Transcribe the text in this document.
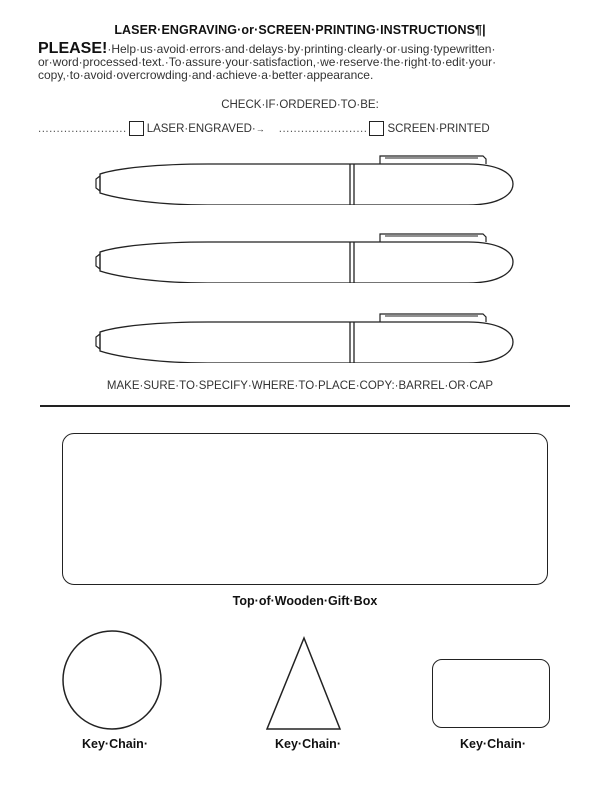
LASER·ENGRAVING·or·SCREEN·PRINTING·INSTRUCTIONS¶|
PLEASE!·Help·us·avoid·errors·and·delays·by·printing·clearly·or·using·typewritten·
or·word·processed·text.·To·assure·your·satisfaction,·we·reserve·the·right·to·edit·your·
copy,·to·avoid·overcrowding·and·achieve·a·better·appearance.
CHECK·IF·ORDERED·TO·BE:
........................ LASER·ENGRAVED· → ........................ SCREEN·PRINTED
MAKE·SURE·TO·SPECIFY·WHERE·TO·PLACE·COPY:·BARREL·OR·CAP
Top·of·Wooden·Gift·Box
Key·Chain·	Key·Chain·	Key·Chain·
